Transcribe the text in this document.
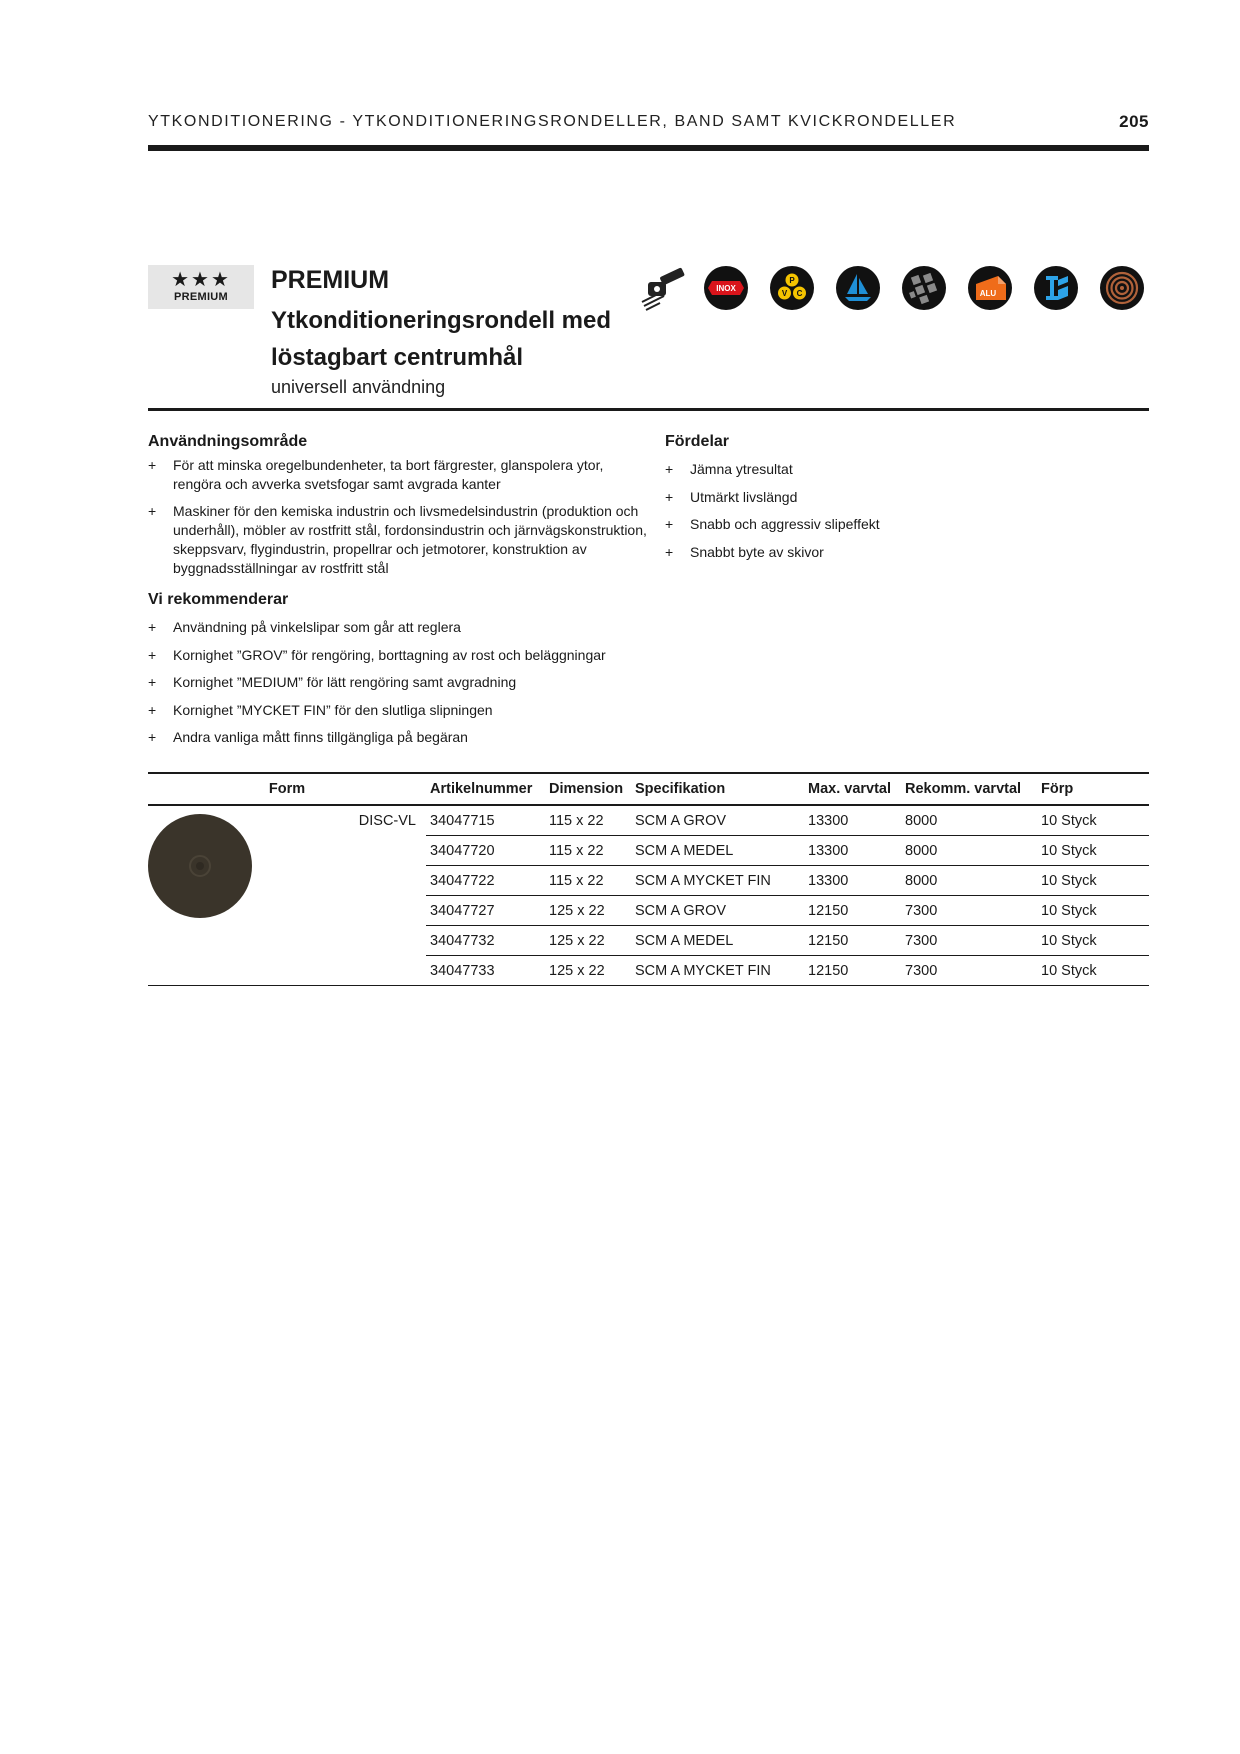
YTKONDITIONERING - YTKONDITIONERINGSRONDELLER, BAND SAMT KVICKRONDELLER	205
★★★
PREMIUM
PREMIUM
Ytkonditioneringsrondell med löstagbart centrumhål
universell användning
INOX
P
V C	ALU
Användningsområde
+ För att minska oregelbundenheter, ta bort färgrester, glanspolera ytor, rengöra och avverka svetsfogar samt avgrada kanter
+ Maskiner för den kemiska industrin och livsmedelsindustrin (produktion och underhåll), möbler av rostfritt stål, fordonsindustrin och järnvägskonstruktion, skeppsvarv, flygindustrin, propellrar och jetmotorer, konstruktion av byggnadsställningar av rostfritt stål
Fördelar
+ Jämna ytresultat
+ Utmärkt livslängd
+ Snabb och aggressiv slipeffekt
+ Snabbt byte av skivor
Vi rekommenderar
+ Användning på vinkelslipar som går att reglera
+ Kornighet ”GROV” för rengöring, borttagning av rost och beläggningar
+ Kornighet ”MEDIUM” för lätt rengöring samt avgradning
+ Kornighet ”MYCKET FIN” för den slutliga slipningen
+ Andra vanliga mått finns tillgängliga på begäran
Form		Artikelnummer	Dimension	Specifikation	Max. varvtal	Rekomm. varvtal	Förp

	DISC-VL	34047715	115 x 22	SCM A GROV	13300	8000	10 Styck
		34047720	115 x 22	SCM A MEDEL	13300	8000	10 Styck
		34047722	115 x 22	SCM A MYCKET FIN	13300	8000	10 Styck
		34047727	125 x 22	SCM A GROV	12150	7300	10 Styck
		34047732	125 x 22	SCM A MEDEL	12150	7300	10 Styck
		34047733	125 x 22	SCM A MYCKET FIN	12150	7300	10 Styck
